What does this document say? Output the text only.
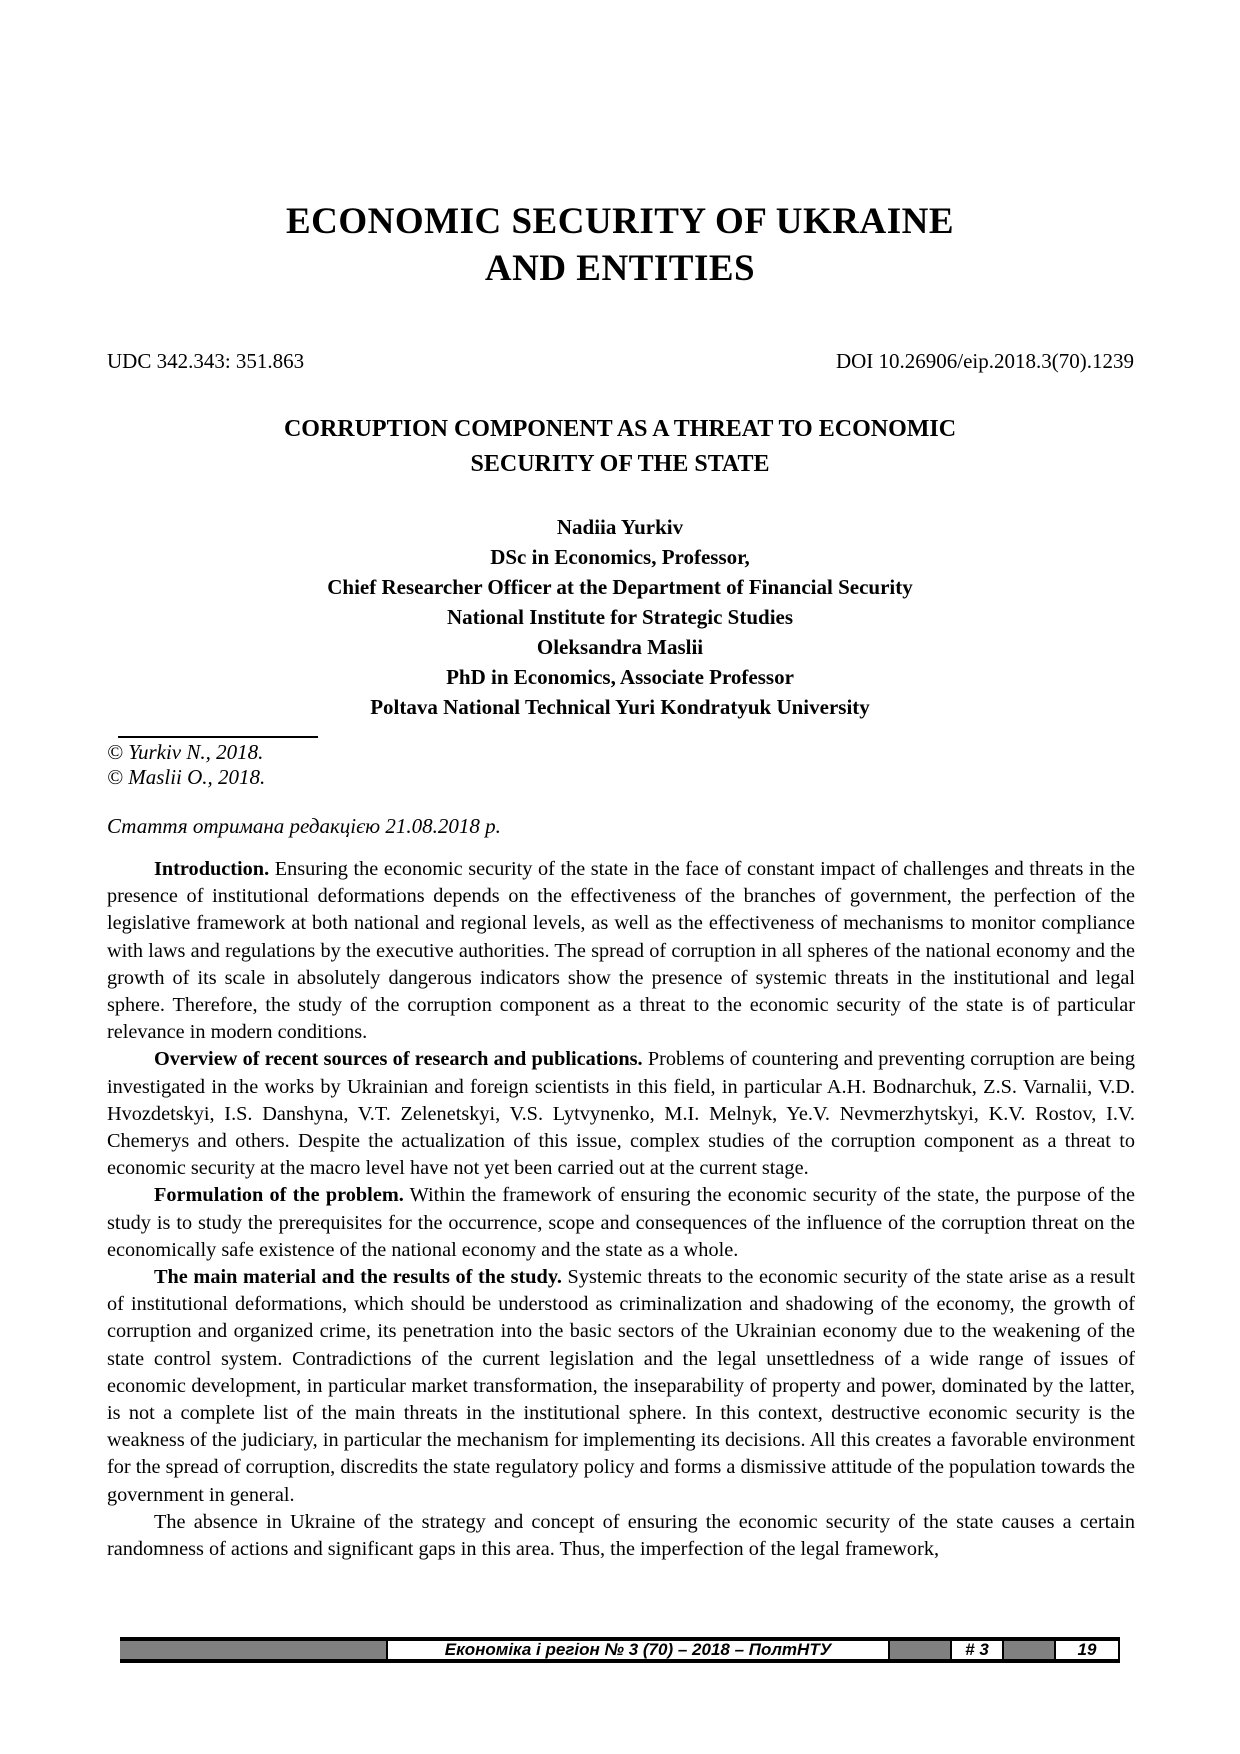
ECONOMIC SECURITY OF UKRAINE
AND ENTITIES
UDC 342.343: 351.863	DOI 10.26906/eip.2018.3(70).1239
CORRUPTION COMPONENT AS A THREAT TO ECONOMIC
SECURITY OF THE STATE
Nadiia Yurkiv
DSc in Economics, Professor,
Chief Researcher Officer at the Department of Financial Security
National Institute for Strategic Studies
Oleksandra Maslii
PhD in Economics, Associate Professor
Poltava National Technical Yuri Kondratyuk University
© Yurkiv N., 2018.
© Maslii O., 2018.
Стаття отримана редакцією 21.08.2018 р.

Introduction. Ensuring the economic security of the state in the face of constant impact of challenges and threats in the presence of institutional deformations depends on the effectiveness of the branches of government, the perfection of the legislative framework at both national and regional levels, as well as the effectiveness of mechanisms to monitor compliance with laws and regulations by the executive authorities. The spread of corruption in all spheres of the national economy and the growth of its scale in absolutely dangerous indicators show the presence of systemic threats in the institutional and legal sphere. Therefore, the study of the corruption component as a threat to the economic security of the state is of particular relevance in modern conditions.

Overview of recent sources of research and publications. Problems of countering and preventing corruption are being investigated in the works by Ukrainian and foreign scientists in this field, in particular A.H. Bodnarchuk, Z.S. Varnalii, V.D. Hvozdetskyi, I.S. Danshyna, V.T. Zelenetskyi, V.S. Lytvynenko, M.I. Melnyk, Ye.V. Nevmerzhytskyi, K.V. Rostov, I.V. Chemerys and others. Despite the actualization of this issue, complex studies of the corruption component as a threat to economic security at the macro level have not yet been carried out at the current stage.

Formulation of the problem. Within the framework of ensuring the economic security of the state, the purpose of the study is to study the prerequisites for the occurrence, scope and consequences of the influence of the corruption threat on the economically safe existence of the national economy and the state as a whole.

The main material and the results of the study. Systemic threats to the economic security of the state arise as a result of institutional deformations, which should be understood as criminalization and shadowing of the economy, the growth of corruption and organized crime, its penetration into the basic sectors of the Ukrainian economy due to the weakening of the state control system. Contradictions of the current legislation and the legal unsettledness of a wide range of issues of economic development, in particular market transformation, the inseparability of property and power, dominated by the latter, is not a complete list of the main threats in the institutional sphere. In this context, destructive economic security is the weakness of the judiciary, in particular the mechanism for implementing its decisions. All this creates a favorable environment for the spread of corruption, discredits the state regulatory policy and forms a dismissive attitude of the population towards the government in general.

The absence in Ukraine of the strategy and concept of ensuring the economic security of the state causes a certain randomness of actions and significant gaps in this area. Thus, the imperfection of the legal framework,

Економіка і регіон № 3 (70) – 2018 – ПолтНТУ	# 3	19
